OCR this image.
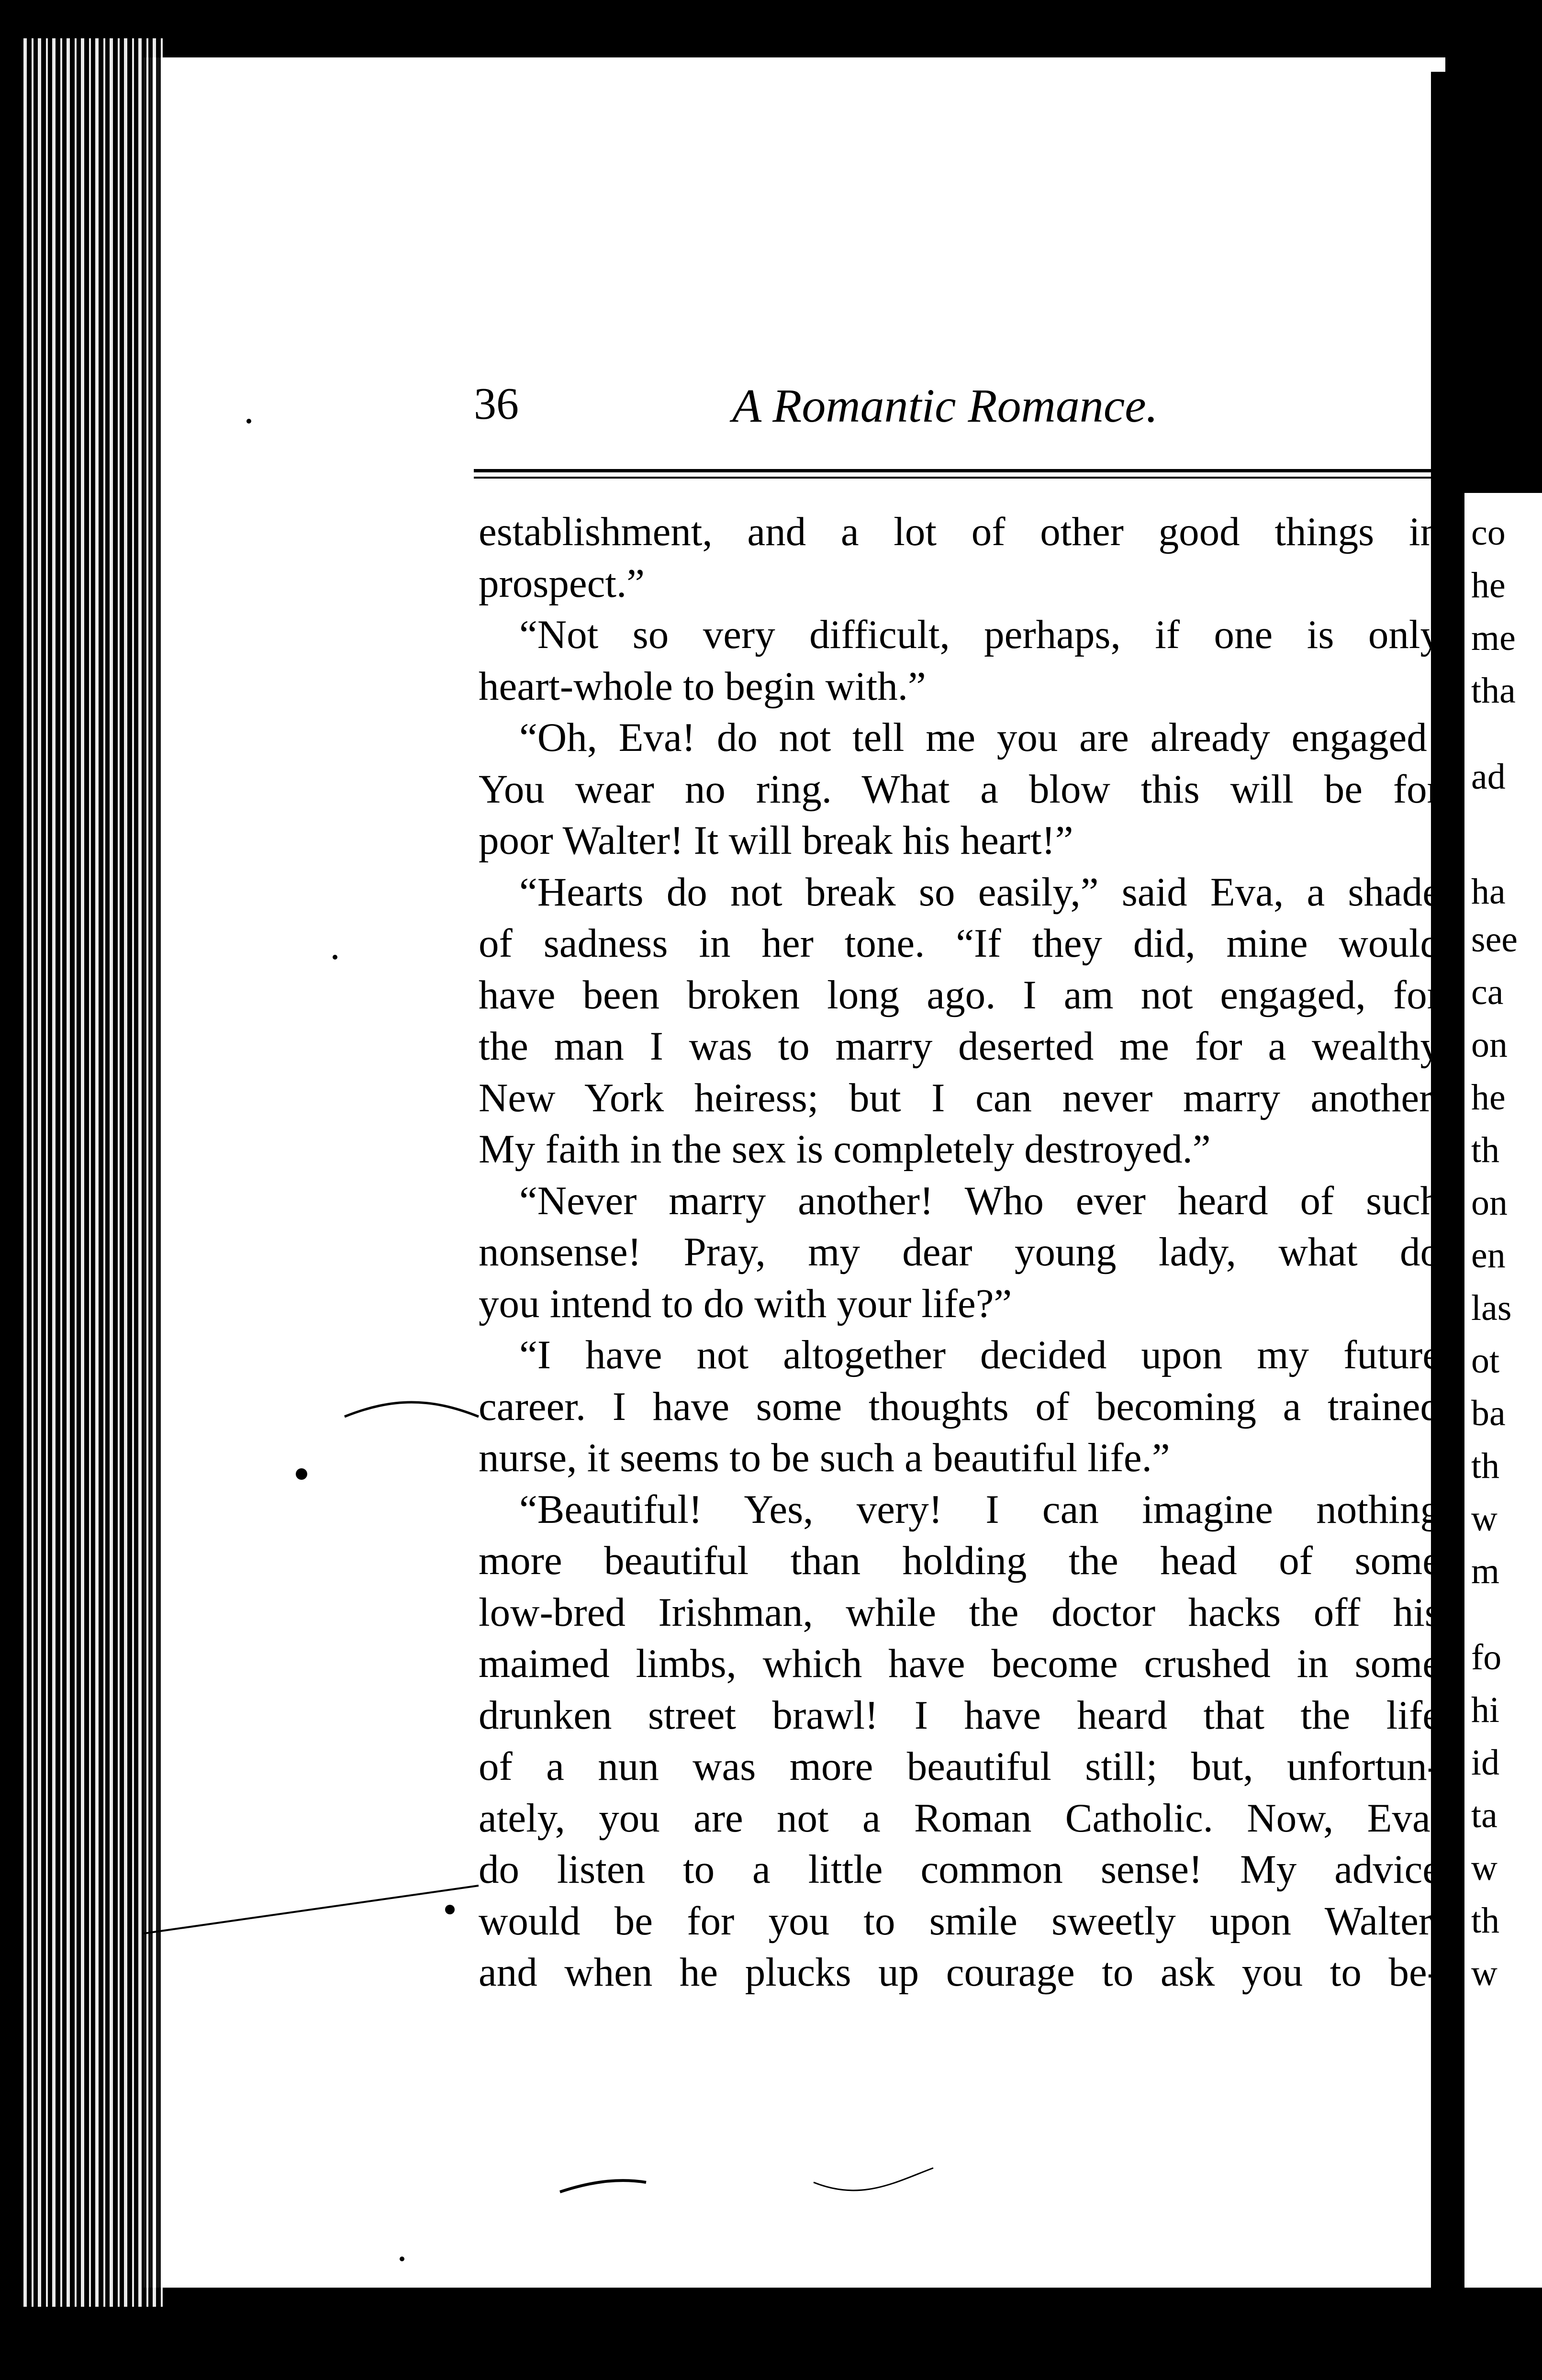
co
he
me
tha
ad
ha
see
ca
on
he
th
on
en
las
ot
ba
th
w
m
fo
hi
id
ta
w
th
w
36	A Romantic Romance.
establishment, and a lot of other good things in
prospect.”
“Not so very difficult, perhaps, if one is only
heart-whole to begin with.”
“Oh, Eva! do not tell me you are already engaged!
You wear no ring. What a blow this will be for
poor Walter! It will break his heart!”
“Hearts do not break so easily,” said Eva, a shade
of sadness in her tone. “If they did, mine would
have been broken long ago. I am not engaged, for
the man I was to marry deserted me for a wealthy
New York heiress; but I can never marry another.
My faith in the sex is completely destroyed.”
“Never marry another! Who ever heard of such
nonsense! Pray, my dear young lady, what do
you intend to do with your life?”
“I have not altogether decided upon my future
career. I have some thoughts of becoming a trained
nurse, it seems to be such a beautiful life.”
“Beautiful! Yes, very! I can imagine nothing
more beautiful than holding the head of some
low-bred Irishman, while the doctor hacks off his
maimed limbs, which have become crushed in some
drunken street brawl! I have heard that the life
of a nun was more beautiful still; but, unfortun-
ately, you are not a Roman Catholic. Now, Eva,
do listen to a little common sense! My advice
would be for you to smile sweetly upon Walter,
and when he plucks up courage to ask you to be-
